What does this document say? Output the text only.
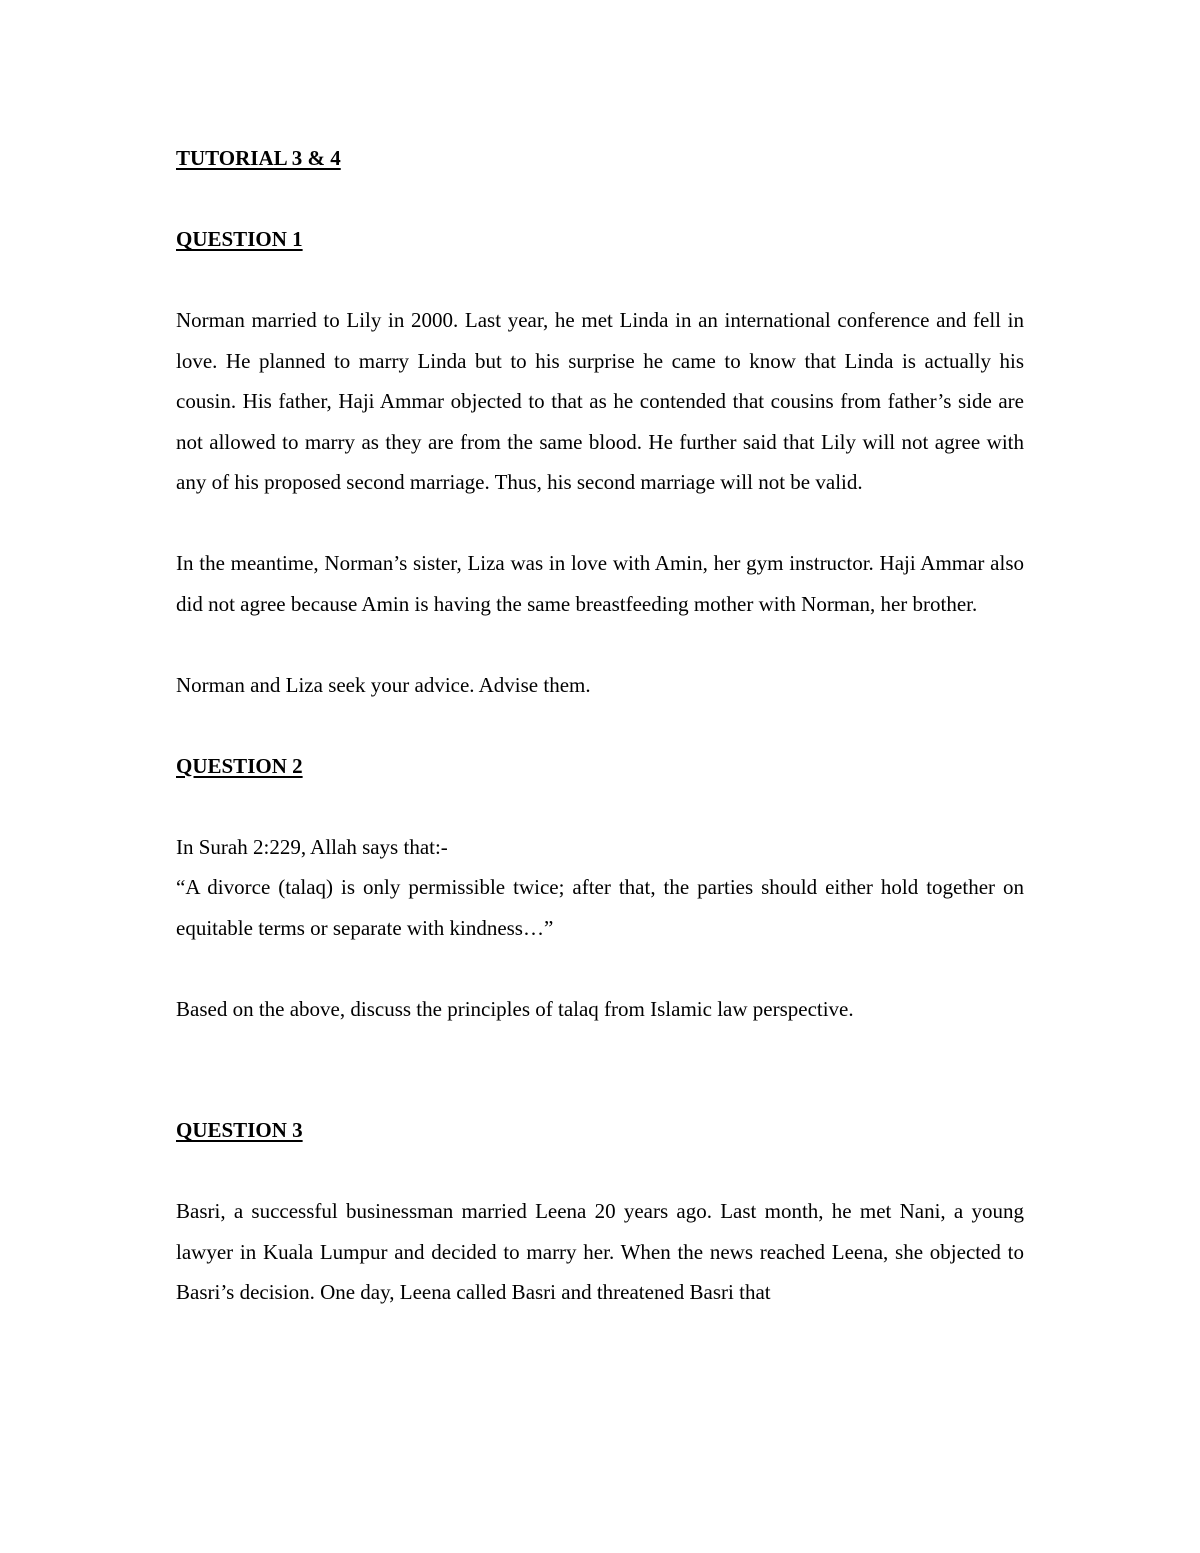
TUTORIAL 3 & 4

QUESTION 1

Norman married to Lily in 2000. Last year, he met Linda in an international conference and fell in love. He planned to marry Linda but to his surprise he came to know that Linda is actually his cousin. His father, Haji Ammar objected to that as he contended that cousins from father’s side are not allowed to marry as they are from the same blood. He further said that Lily will not agree with any of his proposed second marriage. Thus, his second marriage will not be valid.

In the meantime, Norman’s sister, Liza was in love with Amin, her gym instructor. Haji Ammar also did not agree because Amin is having the same breastfeeding mother with Norman, her brother.

Norman and Liza seek your advice. Advise them.

QUESTION 2

In Surah 2:229, Allah says that:-

“A divorce (talaq) is only permissible twice; after that, the parties should either hold together on equitable terms or separate with kindness…”

Based on the above, discuss the principles of talaq from Islamic law perspective.

QUESTION 3

Basri, a successful businessman married Leena 20 years ago. Last month, he met Nani, a young lawyer in Kuala Lumpur and decided to marry her. When the news reached Leena, she objected to Basri’s decision. One day, Leena called Basri and threatened Basri that
